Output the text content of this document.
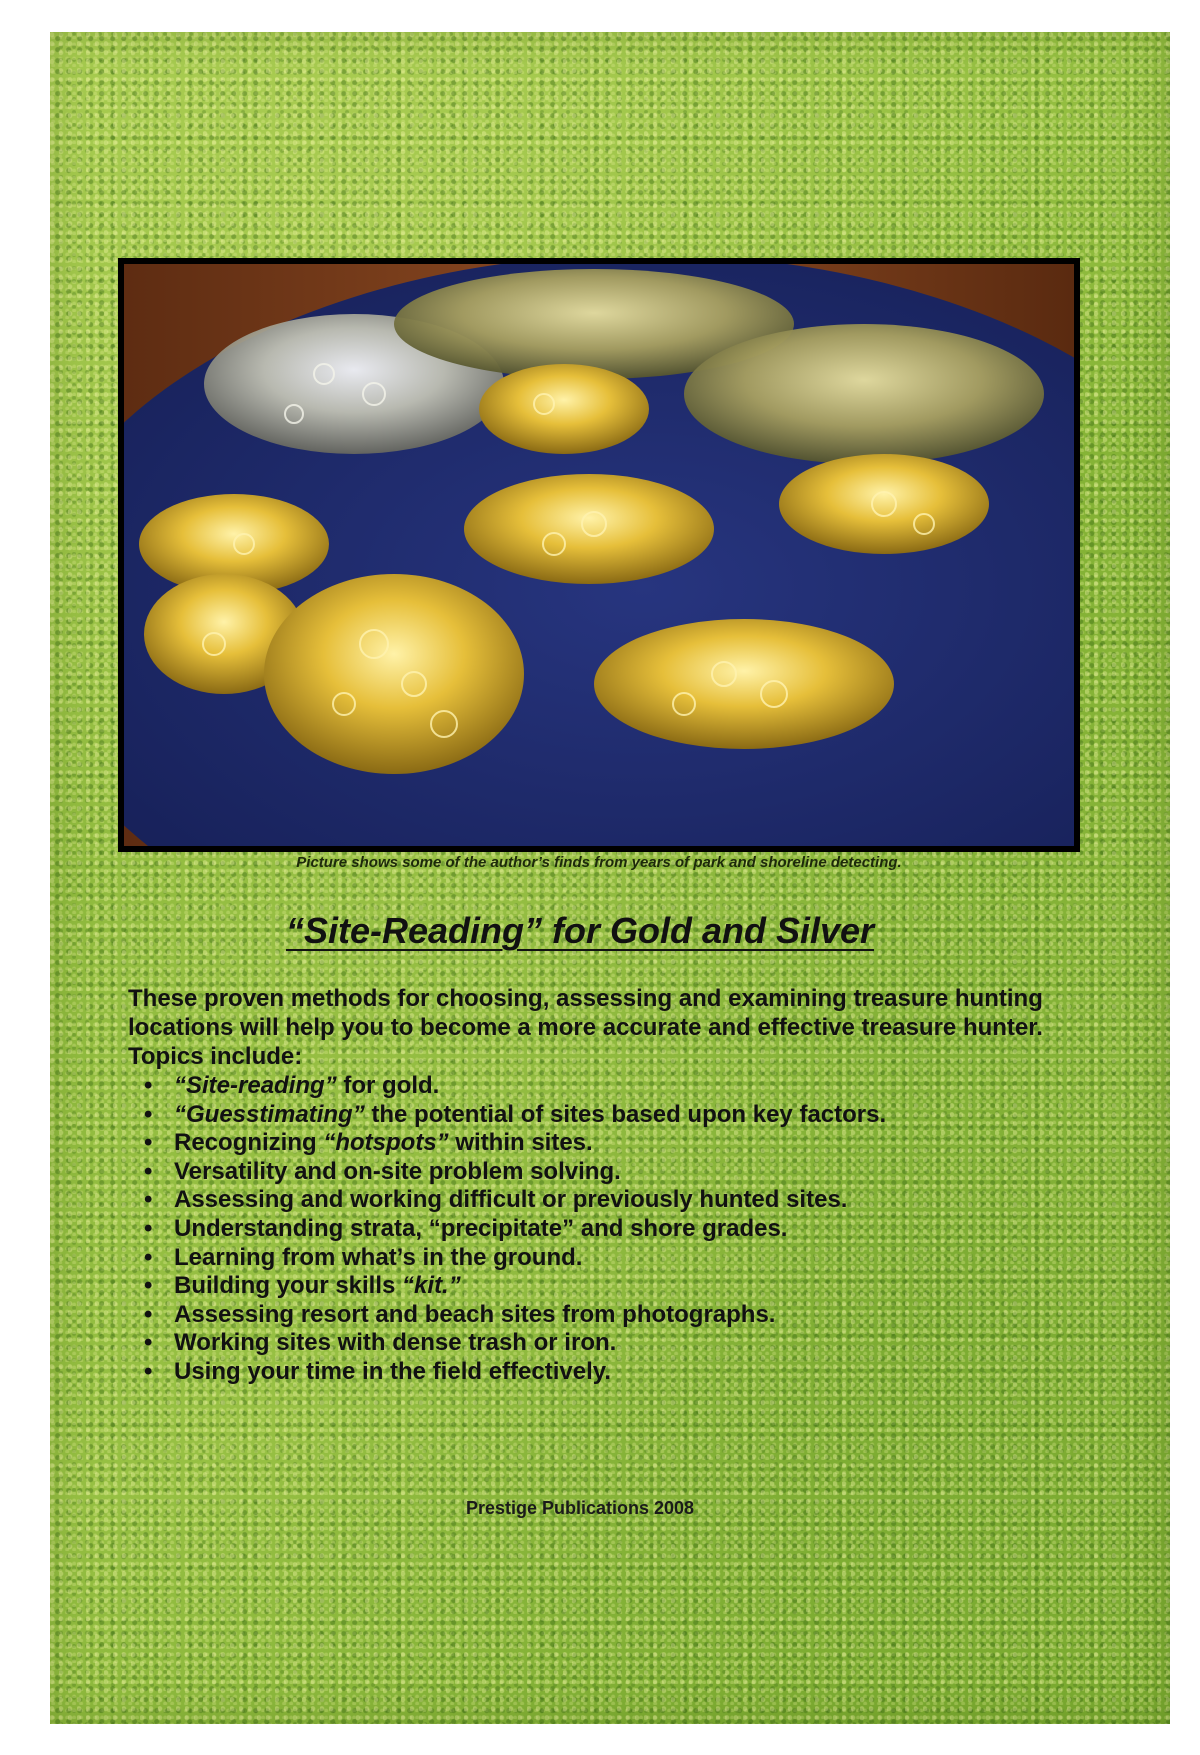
Picture shows some of the author’s finds from years of park and shoreline detecting.
“Site-Reading” for Gold and Silver
These proven methods for choosing, assessing and examining treasure hunting locations will help you to become a more accurate and effective treasure hunter. Topics include:
• “Site-reading” for gold.
• “Guesstimating” the potential of sites based upon key factors.
• Recognizing “hotspots” within sites.
• Versatility and on-site problem solving.
• Assessing and working difficult or previously hunted sites.
• Understanding strata, “precipitate” and shore grades.
• Learning from what’s in the ground.
• Building your skills “kit.”
• Assessing resort and beach sites from photographs.
• Working sites with dense trash or iron.
• Using your time in the field effectively.
Prestige Publications 2008
